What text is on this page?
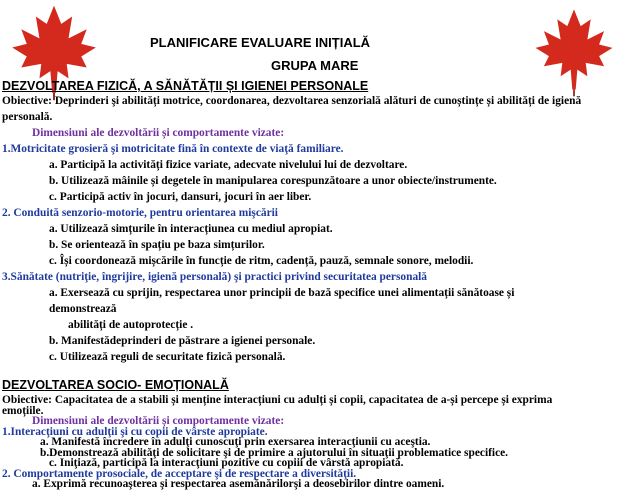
PLANIFICARE EVALUARE INIȚIALĂ
GRUPA MARE
DEZVOLTAREA FIZICĂ, A SĂNĂTĂȚII ȘI IGIENEI PERSONALE
Obiective: Deprinderi şi abilități motrice, coordonarea, dezvoltarea senzorială alături de cunoștințe și abilități de igienă
personală.
Dimensiuni ale dezvoltării și comportamente vizate:
1.Motricitate grosieră şi motricitate fină în contexte de viaţă familiare.
a. Participă la activități fizice variate, adecvate nivelului lui de dezvoltare.
b. Utilizează mâinile și degetele în manipularea corespunzătoare a unor obiecte/instrumente.
c. Participă activ în jocuri, dansuri, jocuri în aer liber.
2. Conduită senzorio-motorie, pentru orientarea mişcării
a. Utilizează simțurile în interacțiunea cu mediul apropiat.
b. Se orientează în spațiu pe baza simțurilor.
c. Își coordonează mișcările în funcție de ritm, cadență, pauză, semnale sonore, melodii.
3.Sănătate (nutriţie, îngrijire, igienă personală) şi practici privind securitatea personală
a. Exersează cu sprijin, respectarea unor principii de bază specifice unei alimentații sănătoase și
demonstrează
abilități de autoprotecție .
b. Manifestădeprinderi de păstrare a igienei personale.
c. Utilizează reguli de securitate fizică personală.
DEZVOLTAREA SOCIO- EMOȚIONALĂ
Obiective: Capacitatea de a stabili și menține interacțiuni cu adulți și copii, capacitatea de a-și percepe și exprima
emoțiile.
Dimensiuni ale dezvoltării și comportamente vizate:
1.Interacţiuni cu adulţii şi cu copii de vârste apropiate.
a. Manifestă încredere în adulţi cunoscuţi prin exersarea interacţiunii cu aceştia.
b.Demonstrează abilităţi de solicitare şi de primire a ajutorului în situaţii problematice specifice.
c. Iniţiază, participă la interacţiuni pozitive cu copiii de vârstă apropiată.
2. Comportamente prosociale, de acceptare şi de respectare a diversităţii.
a. Exprimă recunoaşterea şi respectarea asemănărilorşi a deosebirilor dintre oameni.
